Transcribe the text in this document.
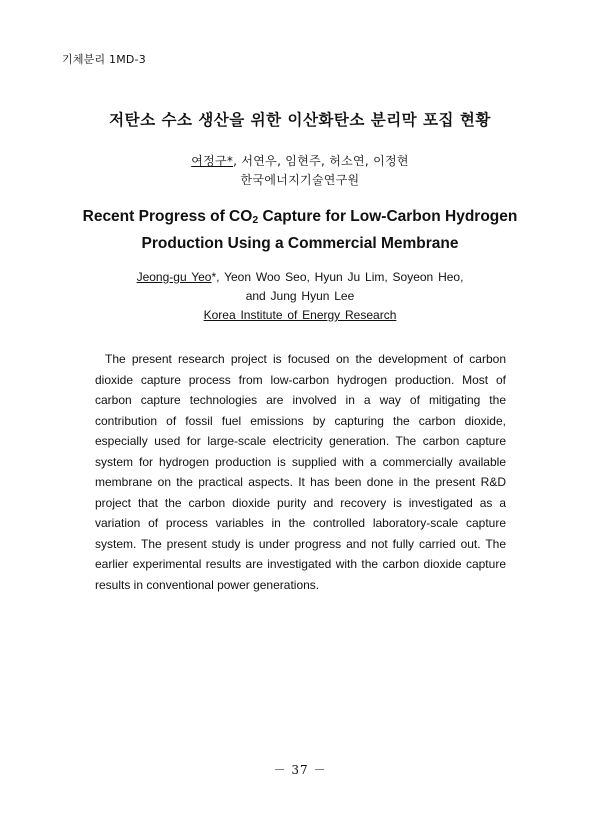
기체분리 1MD-3
저탄소 수소 생산을 위한 이산화탄소 분리막 포집 현황
여정구*, 서연우, 임현주, 허소연, 이정현
한국에너지기술연구원
Recent Progress of CO2 Capture for Low-Carbon Hydrogen
Production Using a Commercial Membrane
Jeong-gu Yeo*, Yeon Woo Seo, Hyun Ju Lim, Soyeon Heo,
and Jung Hyun Lee
Korea Institute of Energy Research

The present research project is focused on the development of carbon dioxide capture process from low-carbon hydrogen production. Most of carbon capture technologies are involved in a way of mitigating the contribution of fossil fuel emissions by capturing the carbon dioxide, especially used for large-scale electricity generation. The carbon capture system for hydrogen production is supplied with a commercially available membrane on the practical aspects. It has been done in the present R&D project that the carbon dioxide purity and recovery is investigated as a variation of process variables in the controlled laboratory-scale capture system. The present study is under progress and not fully carried out. The earlier experimental results are investigated with the carbon dioxide capture results in conventional power generations.

－ 37 －
